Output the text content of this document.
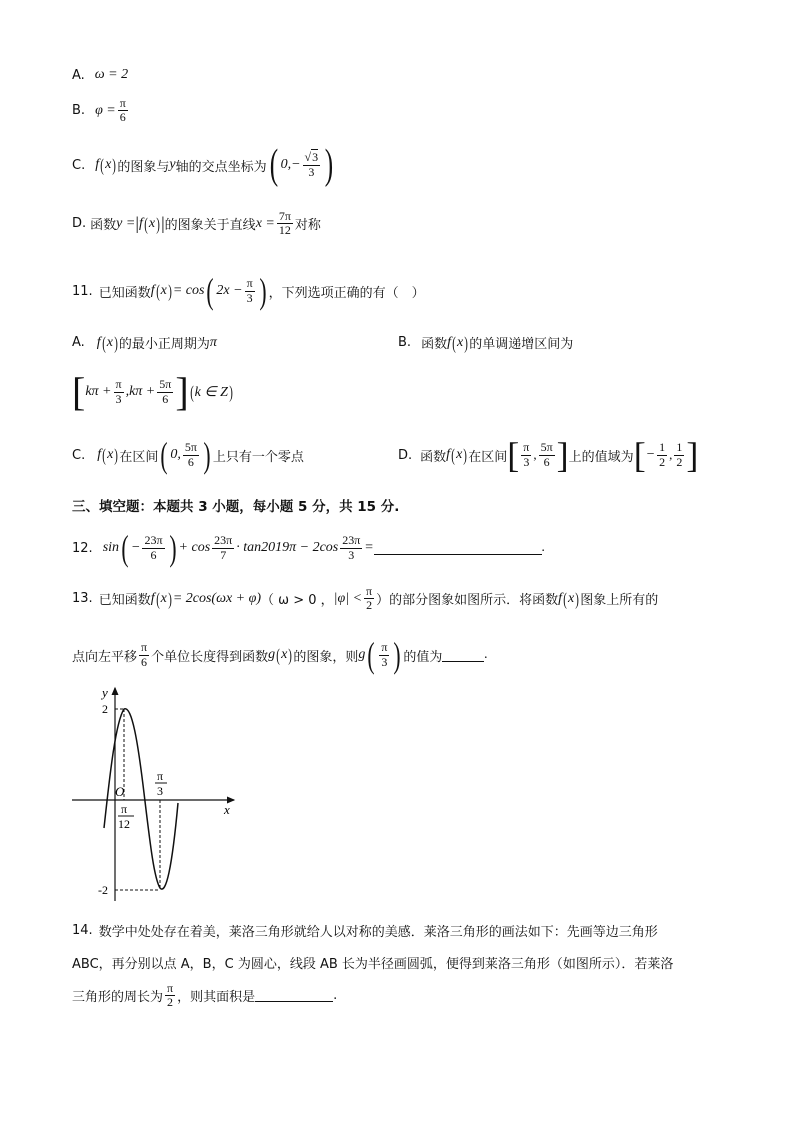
A. ω = 2
B. $\varphi = \frac{\pi}{6}$
C. f ( x ) 的图象与 y 轴的交点坐标为 ( $0,- \frac{√3}{3}$ )
D. 函数 y = | f ( x ) | 的图象关于直线 $x = \frac{7\pi}{12}$ 对称
11. 已知函数 f ( x ) = cos ( $2x - \frac{\pi}{3}$ ) ，下列选项正确的有（　）
A. f ( x ) 的最小正周期为 π	B. 函数 f ( x ) 的单调递增区间为
[ $k\pi + \frac{\pi}{3} ,k\pi + \frac{5\pi}{6}$ ] ( k ∈ Z )
C. f ( x ) 在区间 ( 0, $\frac{5\pi}{6}$ ) 上只有一个零点	D. 函数 f ( x ) 在区间 [ $\frac{\pi}{3}$ , $\frac{5\pi}{6}$ ] 上的值域为 [ − $\frac{1}{2}$ , $\frac{1}{2}$ ]
三、填空题：本题共 3 小题，每小题 5 分，共 15 分.
12. sin ( − $\frac{23\pi}{6}$ ) + $\cos \frac{23\pi}{7} \cdot \tan 2019\pi - 2\cos \frac{23\pi}{3}$ =	.
13. 已知函数 f ( x ) = 2cos(ωx + φ) （ ω > 0 ， $|\varphi| < \frac{\pi}{2}$ ）的部分图象如图所示．将函数 f ( x ) 图象上所有的
点向左平移 $\frac{\pi}{6}$ 个单位长度得到函数 g ( x ) 的图象，则 g ( $\frac{\pi}{3}$ ) 的值为	.
y
x
O
2
-2
π
12
π
3
14. 数学中处处存在着美，莱洛三角形就给人以对称的美感．莱洛三角形的画法如下：先画等边三角形
ABC，再分别以点 A，B，C 为圆心，线段 AB 长为半径画圆弧，便得到莱洛三角形（如图所示）．若莱洛
三角形的周长为 $\frac{\pi}{2}$ ，则其面积是	.
